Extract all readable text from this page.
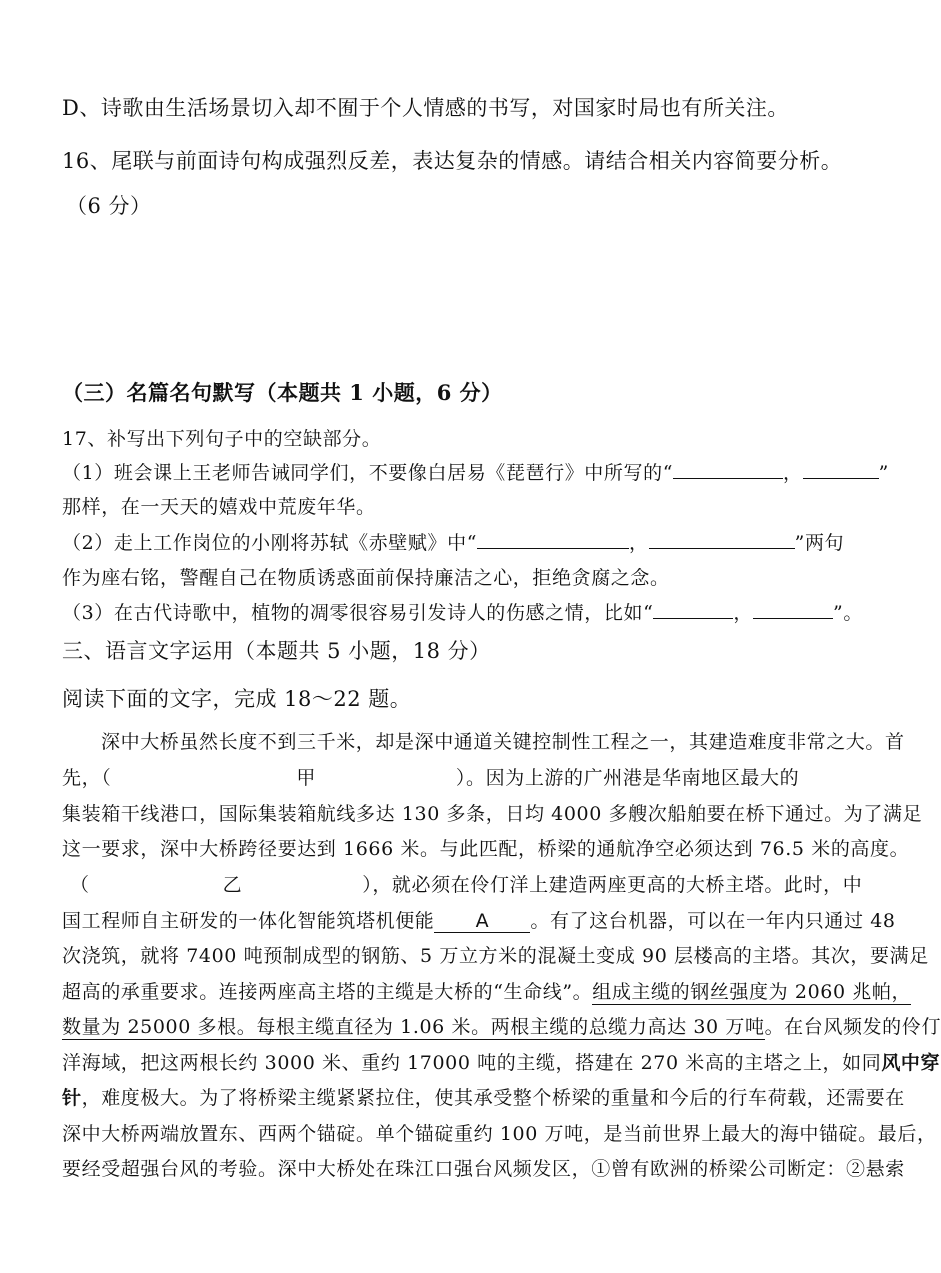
D、诗歌由生活场景切入却不囿于个人情感的书写，对国家时局也有所关注。
16、尾联与前面诗句构成强烈反差，表达复杂的情感。请结合相关内容简要分析。
（6 分）
（三）名篇名句默写（本题共 1 小题，6 分）
17、补写出下列句子中的空缺部分。
（1）班会课上王老师告诫同学们，不要像白居易《琵琶行》中所写的“	，	”
那样，在一天天的嬉戏中荒废年华。
（2）走上工作岗位的小刚将苏轼《赤壁赋》中“	，	”两句
作为座右铭，警醒自己在物质诱惑面前保持廉洁之心，拒绝贪腐之念。
（3）在古代诗歌中，植物的凋零很容易引发诗人的伤感之情，比如“	，	”。
三、语言文字运用（本题共 5 小题，18 分）
阅读下面的文字，完成 18～22 题。
深中大桥虽然长度不到三千米，却是深中通道关键控制性工程之一，其建造难度非常之大。首
先，（	甲	）。因为上游的广州港是华南地区最大的
集装箱干线港口，国际集装箱航线多达 130 多条，日均 4000 多艘次船舶要在桥下通过。为了满足
这一要求，深中大桥跨径要达到 1666 米。与此匹配，桥梁的通航净空必须达到 76.5 米的高度。
（	乙	），就必须在伶仃洋上建造两座更高的大桥主塔。此时，中
国工程师自主研发的一体化智能筑塔机便能 A 。有了这台机器，可以在一年内只通过 48
次浇筑，就将 7400 吨预制成型的钢筋、5 万立方米的混凝土变成 90 层楼高的主塔。其次，要满足
超高的承重要求。连接两座高主塔的主缆是大桥的“生命线”。组成主缆的钢丝强度为 2060 兆帕，
数量为 25000 多根。每根主缆直径为 1.06 米。两根主缆的总缆力高达 30 万吨。在台风频发的伶仃
洋海域，把这两根长约 3000 米、重约 17000 吨的主缆，搭建在 270 米高的主塔之上，如同风中穿
针，难度极大。为了将桥梁主缆紧紧拉住，使其承受整个桥梁的重量和今后的行车荷载，还需要在
深中大桥两端放置东、西两个锚碇。单个锚碇重约 100 万吨，是当前世界上最大的海中锚碇。最后，
要经受超强台风的考验。深中大桥处在珠江口强台风频发区，①曾有欧洲的桥梁公司断定：②悬索
